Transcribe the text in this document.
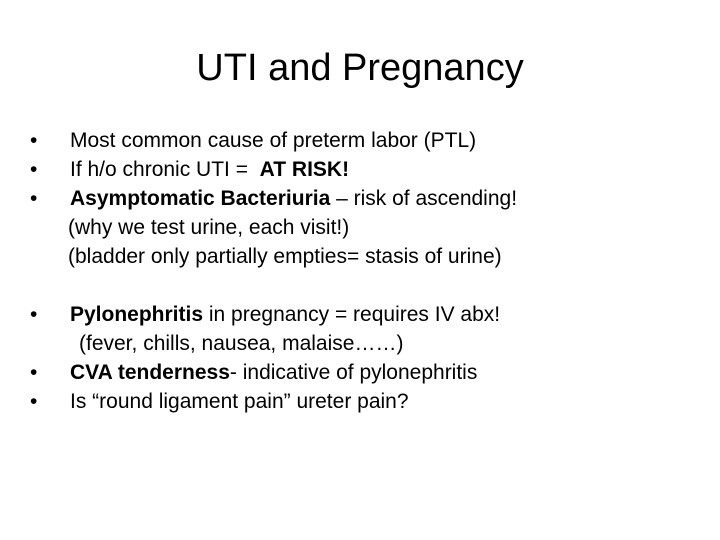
UTI and Pregnancy
•	Most common cause of preterm labor (PTL)
•	If h/o chronic UTI =  AT RISK!
•	Asymptomatic Bacteriuria – risk of ascending!
(why we test urine, each visit!)
(bladder only partially empties= stasis of urine)
•	Pylonephritis in pregnancy = requires IV abx!
(fever, chills, nausea, malaise……)
•	CVA tenderness- indicative of pylonephritis
•	Is “round ligament pain” ureter pain?
